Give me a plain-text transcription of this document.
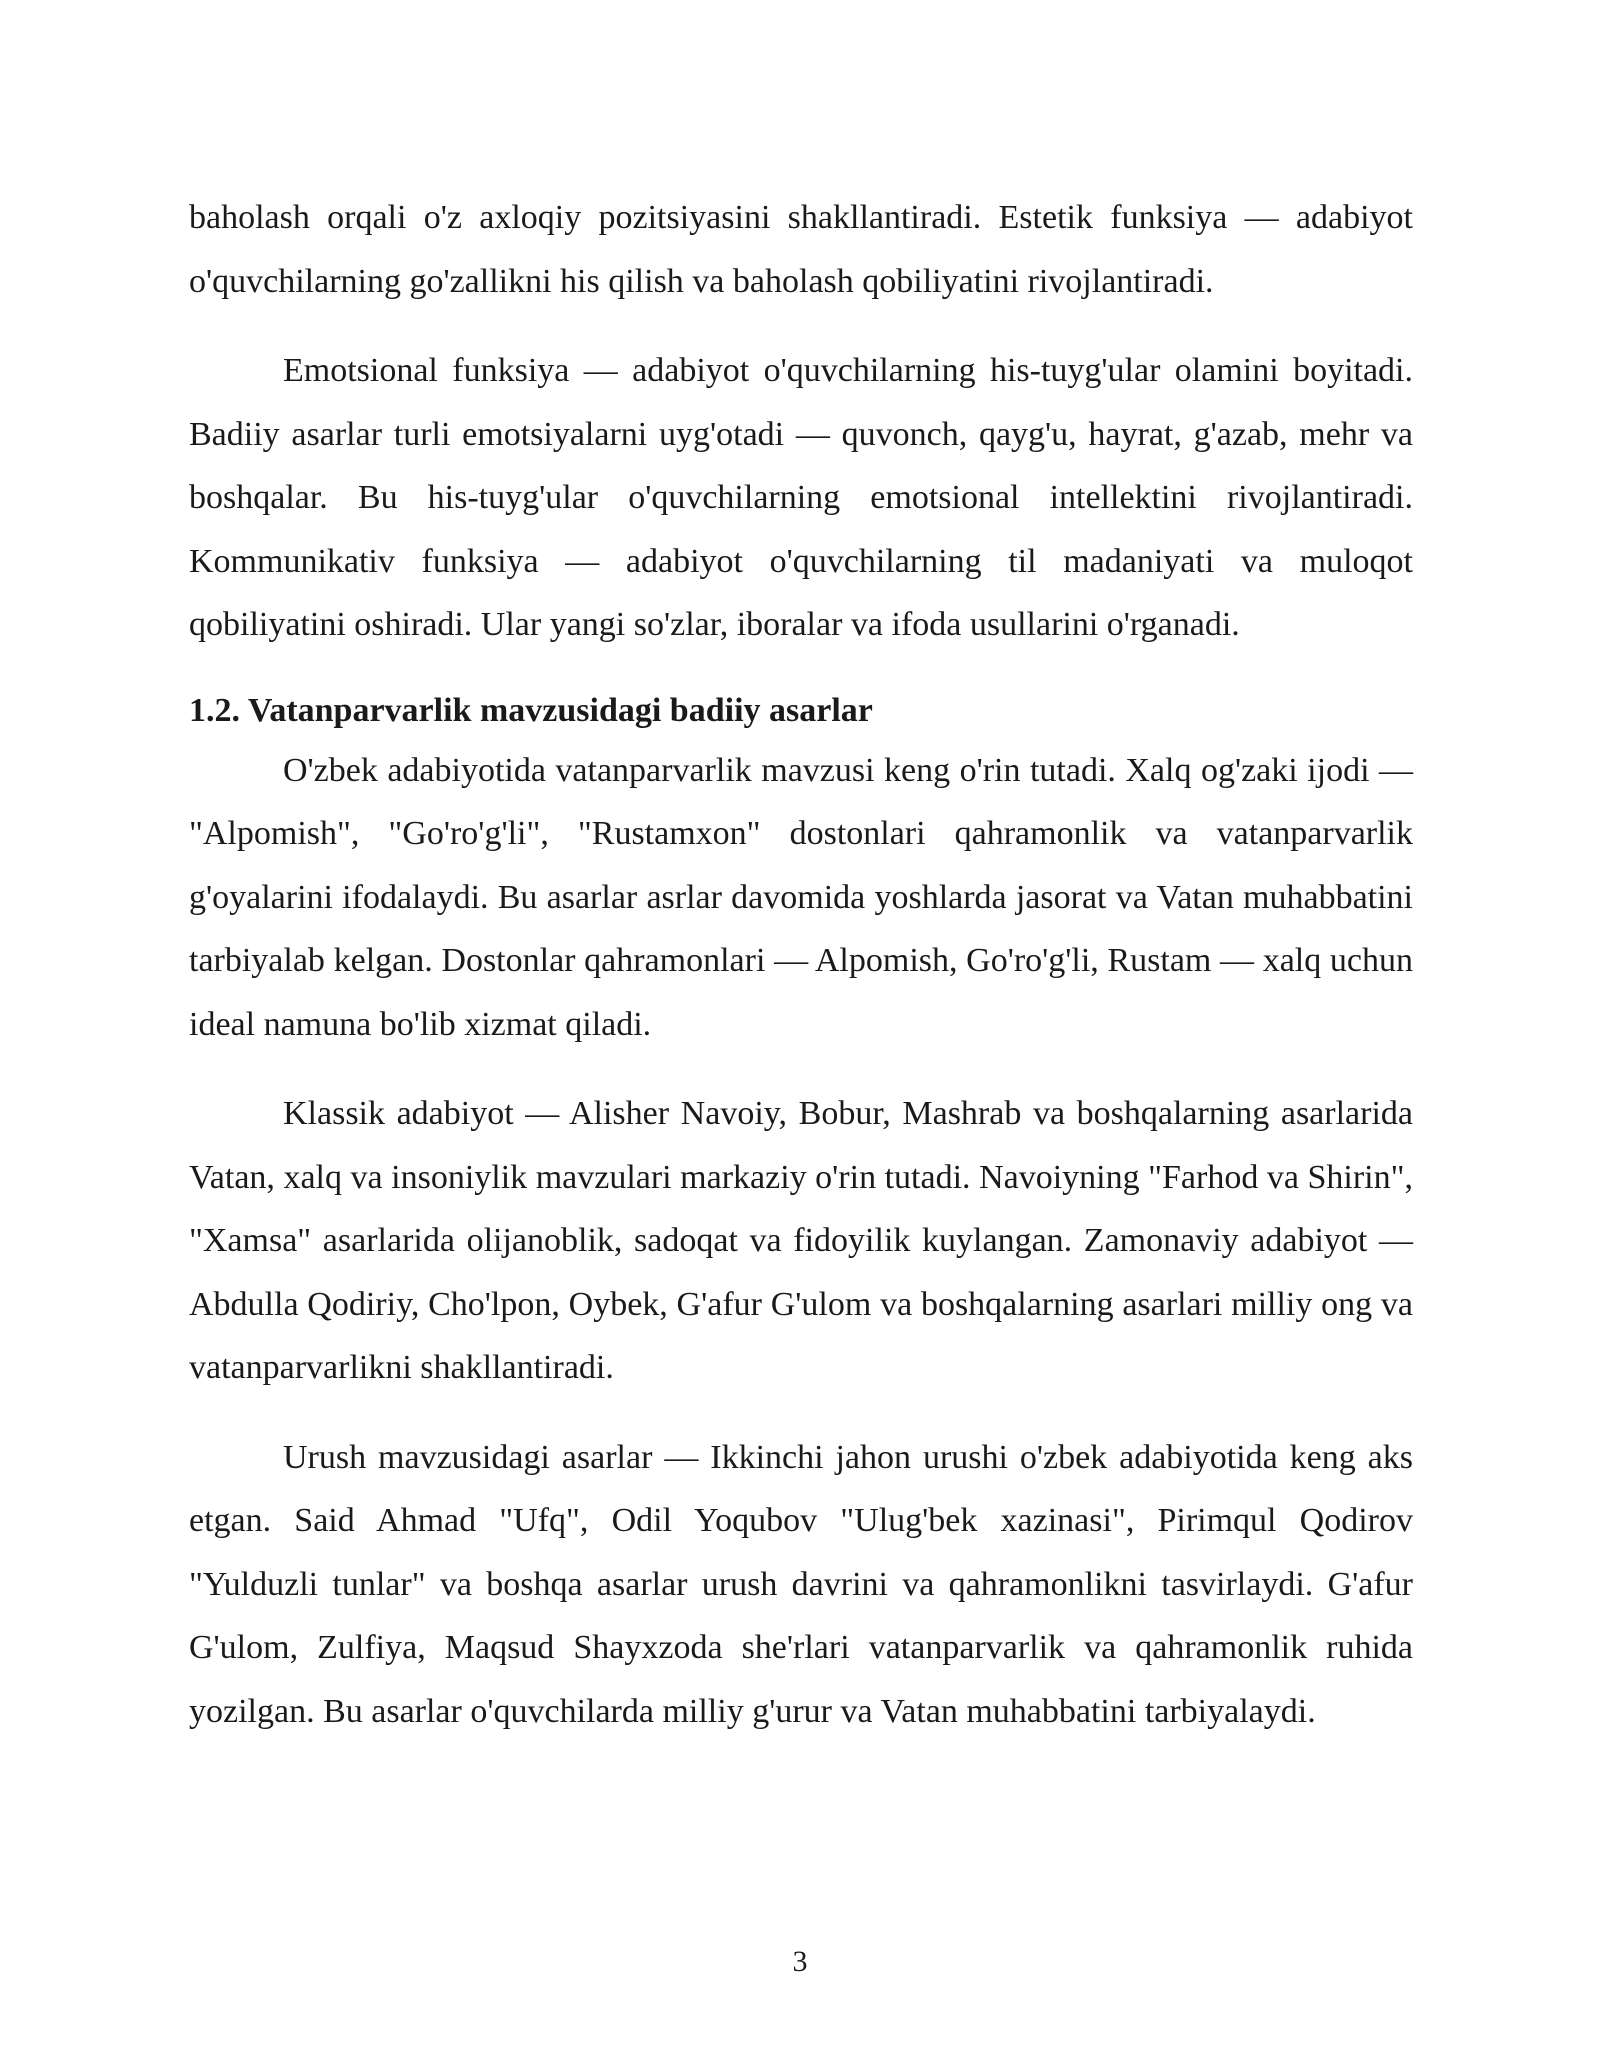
baholash orqali o'z axloqiy pozitsiyasini shakllantiradi. Estetik funksiya — adabiyot o'quvchilarning go'zallikni his qilish va baholash qobiliyatini rivojlantiradi.

Emotsional funksiya — adabiyot o'quvchilarning his-tuyg'ular olamini boyitadi. Badiiy asarlar turli emotsiyalarni uyg'otadi — quvonch, qayg'u, hayrat, g'azab, mehr va boshqalar. Bu his-tuyg'ular o'quvchilarning emotsional intellektini rivojlantiradi. Kommunikativ funksiya — adabiyot o'quvchilarning til madaniyati va muloqot qobiliyatini oshiradi. Ular yangi so'zlar, iboralar va ifoda usullarini o'rganadi.

1.2. Vatanparvarlik mavzusidagi badiiy asarlar

O'zbek adabiyotida vatanparvarlik mavzusi keng o'rin tutadi. Xalq og'zaki ijodi — "Alpomish", "Go'ro'g'li", "Rustamxon" dostonlari qahramonlik va vatanparvarlik g'oyalarini ifodalaydi. Bu asarlar asrlar davomida yoshlarda jasorat va Vatan muhabbatini tarbiyalab kelgan. Dostonlar qahramonlari — Alpomish, Go'ro'g'li, Rustam — xalq uchun ideal namuna bo'lib xizmat qiladi.

Klassik adabiyot — Alisher Navoiy, Bobur, Mashrab va boshqalarning asarlarida Vatan, xalq va insoniylik mavzulari markaziy o'rin tutadi. Navoiyning "Farhod va Shirin", "Xamsa" asarlarida olijanoblik, sadoqat va fidoyilik kuylangan. Zamonaviy adabiyot — Abdulla Qodiriy, Cho'lpon, Oybek, G'afur G'ulom va boshqalarning asarlari milliy ong va vatanparvarlikni shakllantiradi.

Urush mavzusidagi asarlar — Ikkinchi jahon urushi o'zbek adabiyotida keng aks etgan. Said Ahmad "Ufq", Odil Yoqubov "Ulug'bek xazinasi", Pirimqul Qodirov "Yulduzli tunlar" va boshqa asarlar urush davrini va qahramonlikni tasvirlaydi. G'afur G'ulom, Zulfiya, Maqsud Shayxzoda she'rlari vatanparvarlik va qahramonlik ruhida yozilgan. Bu asarlar o'quvchilarda milliy g'urur va Vatan muhabbatini tarbiyalaydi.

3
